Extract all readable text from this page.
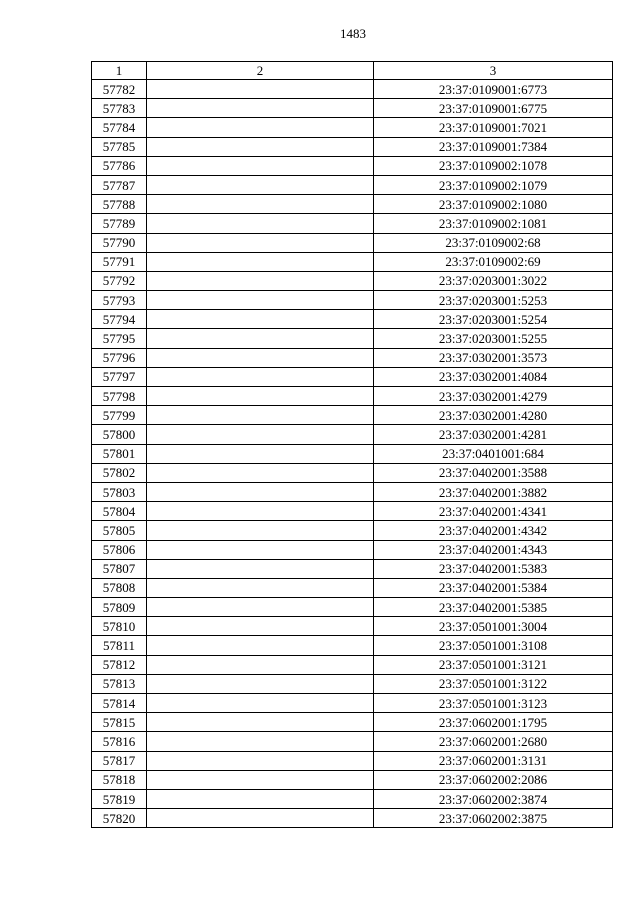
1483
1	2	3
57782		23:37:0109001:6773
57783		23:37:0109001:6775
57784		23:37:0109001:7021
57785		23:37:0109001:7384
57786		23:37:0109002:1078
57787		23:37:0109002:1079
57788		23:37:0109002:1080
57789		23:37:0109002:1081
57790		23:37:0109002:68
57791		23:37:0109002:69
57792		23:37:0203001:3022
57793		23:37:0203001:5253
57794		23:37:0203001:5254
57795		23:37:0203001:5255
57796		23:37:0302001:3573
57797		23:37:0302001:4084
57798		23:37:0302001:4279
57799		23:37:0302001:4280
57800		23:37:0302001:4281
57801		23:37:0401001:684
57802		23:37:0402001:3588
57803		23:37:0402001:3882
57804		23:37:0402001:4341
57805		23:37:0402001:4342
57806		23:37:0402001:4343
57807		23:37:0402001:5383
57808		23:37:0402001:5384
57809		23:37:0402001:5385
57810		23:37:0501001:3004
57811		23:37:0501001:3108
57812		23:37:0501001:3121
57813		23:37:0501001:3122
57814		23:37:0501001:3123
57815		23:37:0602001:1795
57816		23:37:0602001:2680
57817		23:37:0602001:3131
57818		23:37:0602002:2086
57819		23:37:0602002:3874
57820		23:37:0602002:3875
